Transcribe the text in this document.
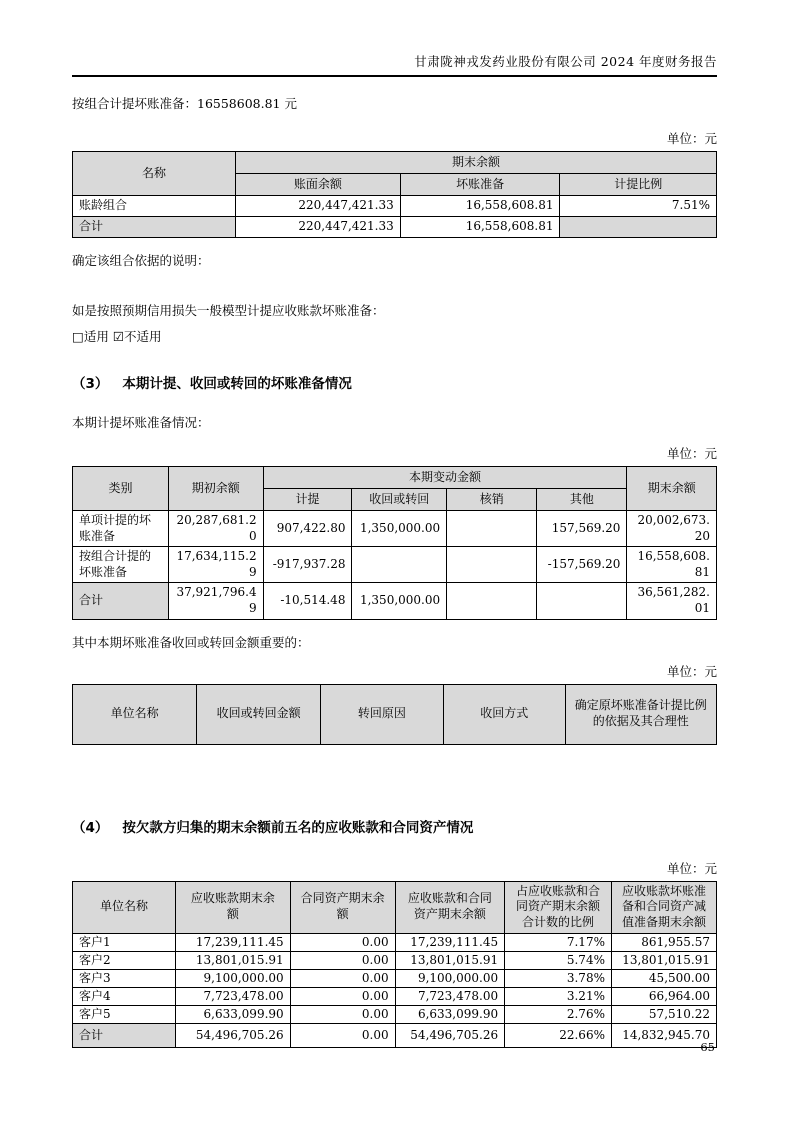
甘肃陇神戎发药业股份有限公司 2024 年度财务报告
按组合计提坏账准备：16558608.81 元
单位：元
名称	期末余额		
	账面余额	坏账准备	计提比例
账龄组合	220,447,421.33	16,558,608.81	7.51%
合计	220,447,421.33	16,558,608.81	
确定该组合依据的说明：
如是按照预期信用损失一般模型计提应收账款坏账准备：
□适用 ☑不适用
（3） 本期计提、收回或转回的坏账准备情况
本期计提坏账准备情况：
单位：元
类别	期初余额	本期变动金额				期末余额
		计提	收回或转回	核销	其他	
单项计提的坏账准备	20,287,681.20	907,422.80	1,350,000.00		157,569.20	20,002,673.20
按组合计提的坏账准备	17,634,115.29	-917,937.28			-157,569.20	16,558,608.81
合计	37,921,796.49	-10,514.48	1,350,000.00			36,561,282.01
其中本期坏账准备收回或转回金额重要的：
单位：元
单位名称	收回或转回金额	转回原因	收回方式	确定原坏账准备计提比例的依据及其合理性
（4） 按欠款方归集的期末余额前五名的应收账款和合同资产情况
单位：元
单位名称	应收账款期末余额	合同资产期末余额	应收账款和合同资产期末余额	占应收账款和合同资产期末余额合计数的比例	应收账款坏账准备和合同资产减值准备期末余额
客户1	17,239,111.45	0.00	17,239,111.45	7.17%	861,955.57
客户2	13,801,015.91	0.00	13,801,015.91	5.74%	13,801,015.91
客户3	9,100,000.00	0.00	9,100,000.00	3.78%	45,500.00
客户4	7,723,478.00	0.00	7,723,478.00	3.21%	66,964.00
客户5	6,633,099.90	0.00	6,633,099.90	2.76%	57,510.22
合计	54,496,705.26	0.00	54,496,705.26	22.66%	14,832,945.70
65
